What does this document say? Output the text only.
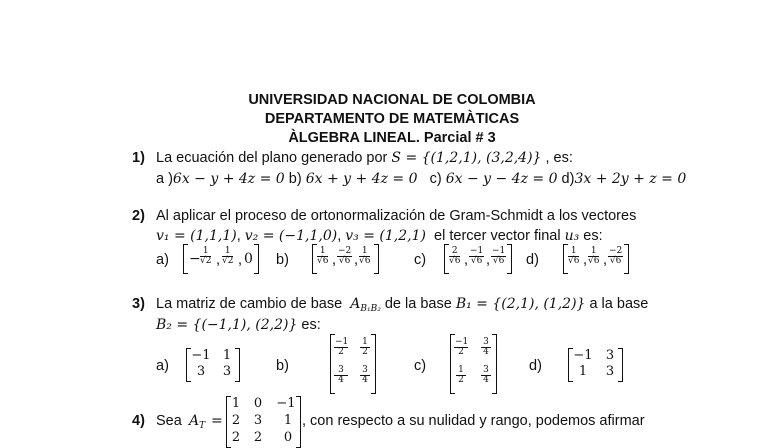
UNIVERSIDAD NACIONAL DE COLOMBIA
DEPARTAMENTO DE MATEMÀTICAS
ÀLGEBRA LINEAL. Parcial # 3
1) La ecuación del plano generado por S = {(1,2,1), (3,2,4)} , es:
a )6x − y + 4z = 0 b) 6x + y + 4z = 0 c) 6x − y − 4z = 0 d)3x + 2y + z = 0
2) Al aplicar el proceso de ortonormalización de Gram-Schmidt a los vectores
v₁ = (1,1,1), v₂ = (−1,1,0), v₃ = (1,2,1) el tercer vector final u₃ es:
$a) - \frac{1}{√2}$ , $\frac{1}{√2}$ , 0 b)	$\frac{1}{√6}$ , $\frac{-2}{√6}$ , $\frac{1}{√6}$	c)	$\frac{2}{√6}$ , $\frac{-1}{√6}$ , $\frac{-1}{√6} d$)	$\frac{1}{√6}$ , $\frac{1}{√6}$ , $\frac{-2}{√6}$
3) La matriz de cambio de base $A_{B_1B_2}$ de la base B₁ = {(2,1), (1,2)} a la base
B₂ = {(−1,1), (2,2)} es:
a)
−1 1
3	3	b)
$\frac{-1}{2} \frac{1}{2}$
$\frac{3}{4} \frac{3}{4}$	c)
$\frac{-1}{2} \frac{3}{4}$
$\frac{1}{2} \frac{3}{4}$	d)
−1 3
1	3
4) Sea $A_T$ =
1 0 −1
2 3 1
2 2 0
, con respecto a su nulidad y rango, podemos afirmar
